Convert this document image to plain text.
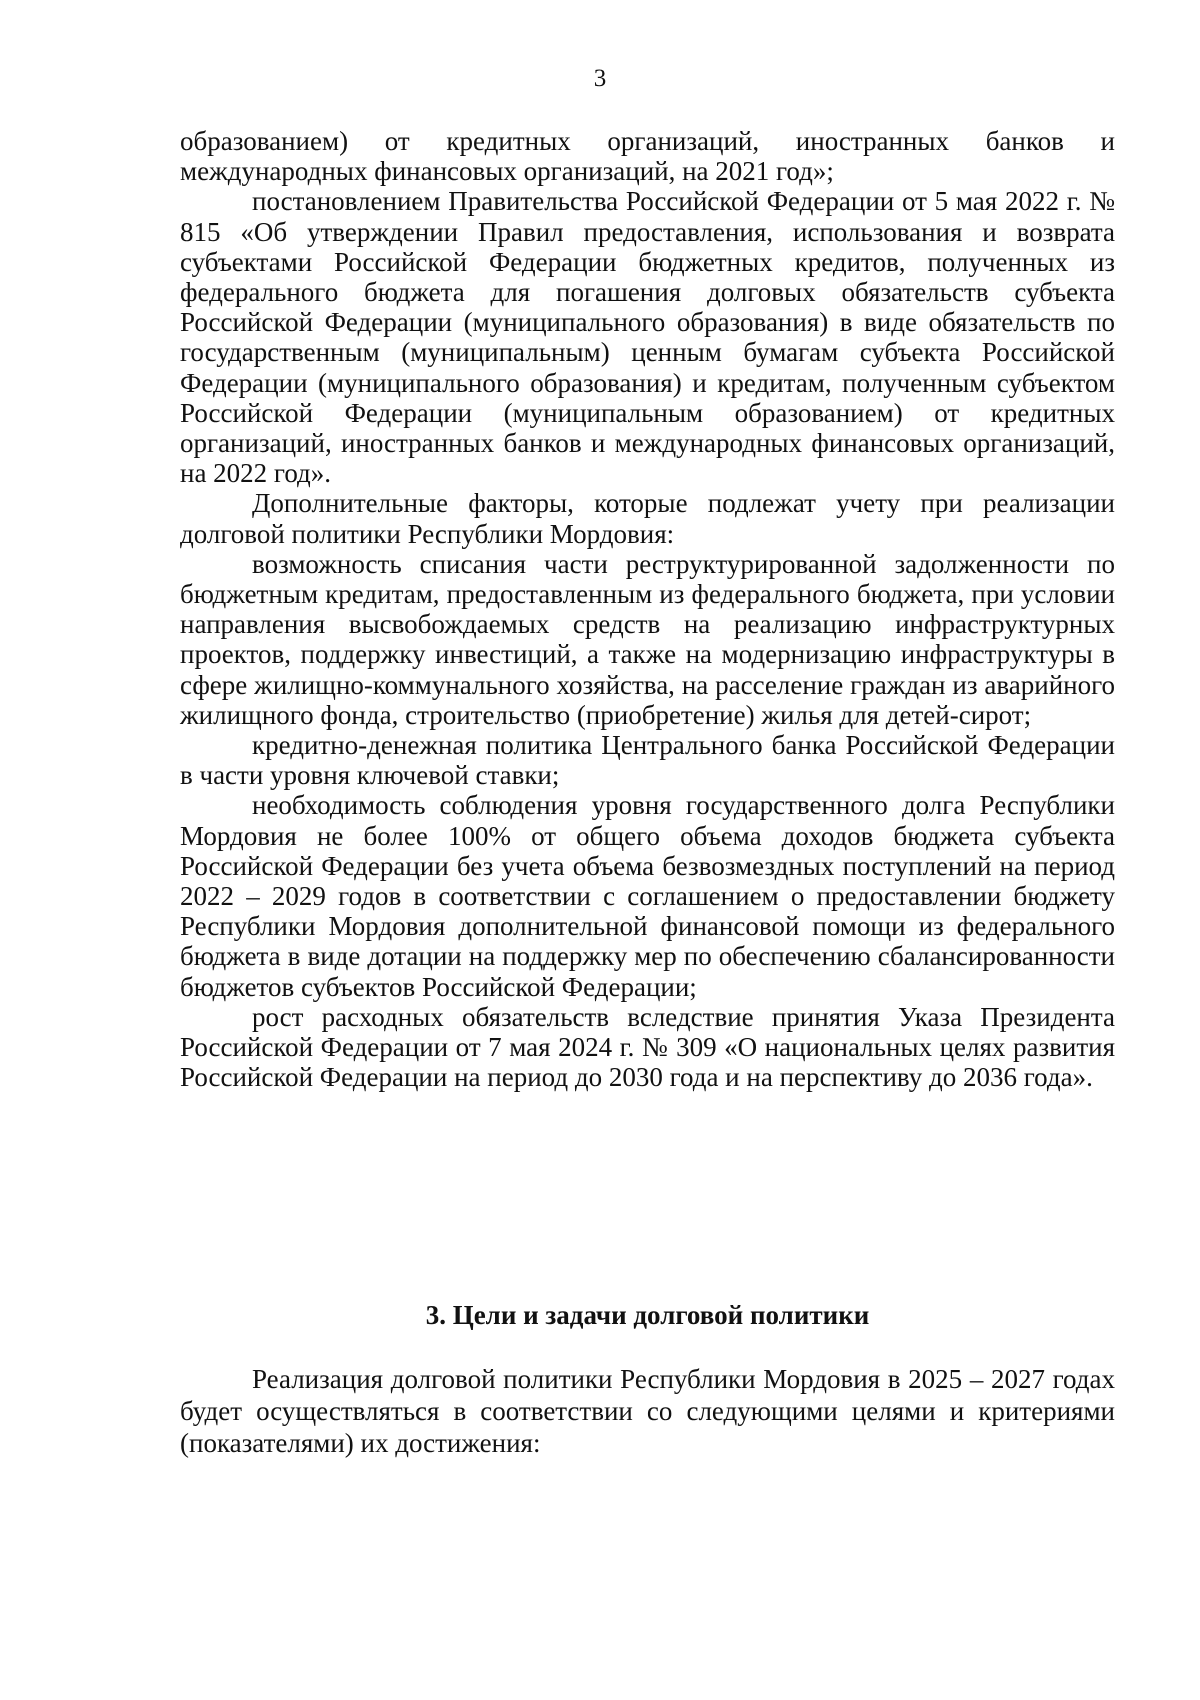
3

образованием) от кредитных организаций, иностранных банков и международных финансовых организаций, на 2021 год»;

постановлением Правительства Российской Федерации от 5 мая 2022 г. № 815 «Об утверждении Правил предоставления, использования и возврата субъектами Российской Федерации бюджетных кредитов, полученных из федерального бюджета для погашения долговых обязательств субъекта Российской Федерации (муниципального образования) в виде обязательств по государственным (муниципальным) ценным бумагам субъекта Российской Федерации (муниципального образования) и кредитам, полученным субъектом Российской Федерации (муниципальным образованием) от кредитных организаций, иностранных банков и международных финансовых организаций, на 2022 год».

Дополнительные факторы, которые подлежат учету при реализации долговой политики Республики Мордовия:

возможность списания части реструктурированной задолженности по бюджетным кредитам, предоставленным из федерального бюджета, при условии направления высвобождаемых средств на реализацию инфраструктурных проектов, поддержку инвестиций, а также на модернизацию инфраструктуры в сфере жилищно-коммунального хозяйства, на расселение граждан из аварийного жилищного фонда, строительство (приобретение) жилья для детей-сирот;

кредитно-денежная политика Центрального банка Российской Федерации в части уровня ключевой ставки;

необходимость соблюдения уровня государственного долга Республики Мордовия не более 100% от общего объема доходов бюджета субъекта Российской Федерации без учета объема безвозмездных поступлений на период 2022 – 2029 годов в соответствии с соглашением о предоставлении бюджету Республики Мордовия дополнительной финансовой помощи из федерального бюджета в виде дотации на поддержку мер по обеспечению сбалансированности бюджетов субъектов Российской Федерации;

рост расходных обязательств вследствие принятия Указа Президента Российской Федерации от 7 мая 2024 г. № 309 «О национальных целях развития Российской Федерации на период до 2030 года и на перспективу до 2036 года».

3. Цели и задачи долговой политики

Реализация долговой политики Республики Мордовия в 2025 – 2027 годах будет осуществляться в соответствии со следующими целями и критериями (показателями) их достижения:
